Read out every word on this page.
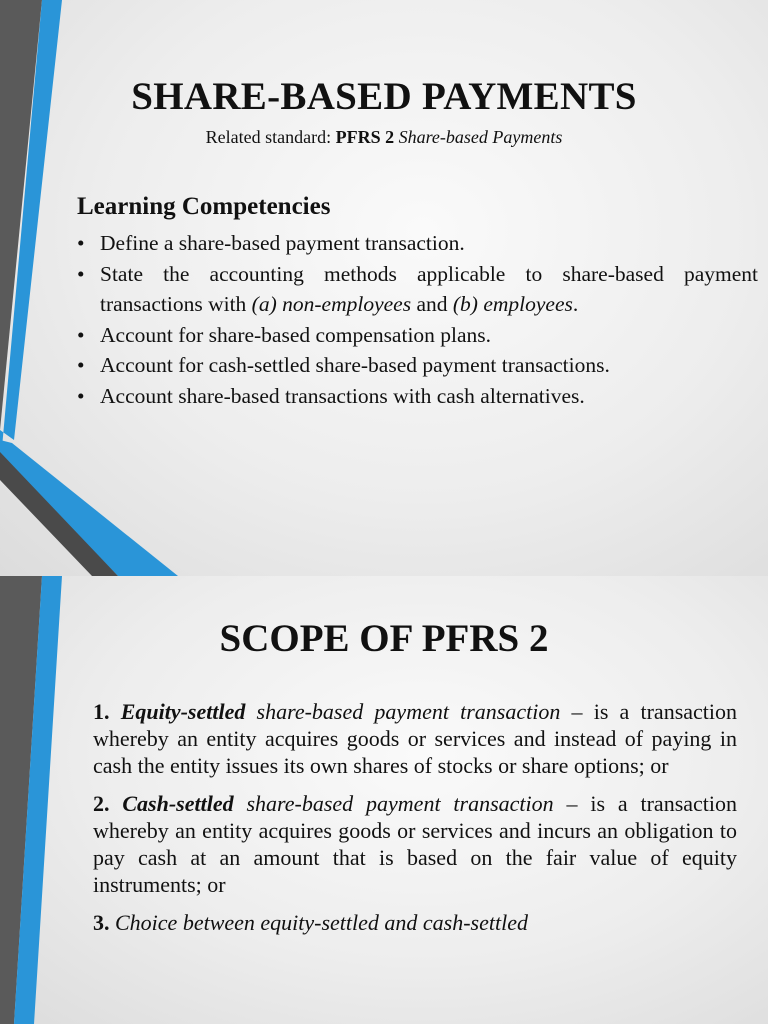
SHARE-BASED PAYMENTS
Related standard: PFRS 2 Share-based Payments
Learning Competencies
• Define a share-based payment transaction.
• State the accounting methods applicable to share-based payment transactions with (a) non-employees and (b) employees.
• Account for share-based compensation plans.
• Account for cash-settled share-based payment transactions.
• Account share-based transactions with cash alternatives.
SCOPE OF PFRS 2

1. Equity-settled share-based payment transaction – is a transaction whereby an entity acquires goods or services and instead of paying in cash the entity issues its own shares of stocks or share options; or

2. Cash-settled share-based payment transaction – is a transaction whereby an entity acquires goods or services and incurs an obligation to pay cash at an amount that is based on the fair value of equity instruments; or

3. Choice between equity-settled and cash-settled
